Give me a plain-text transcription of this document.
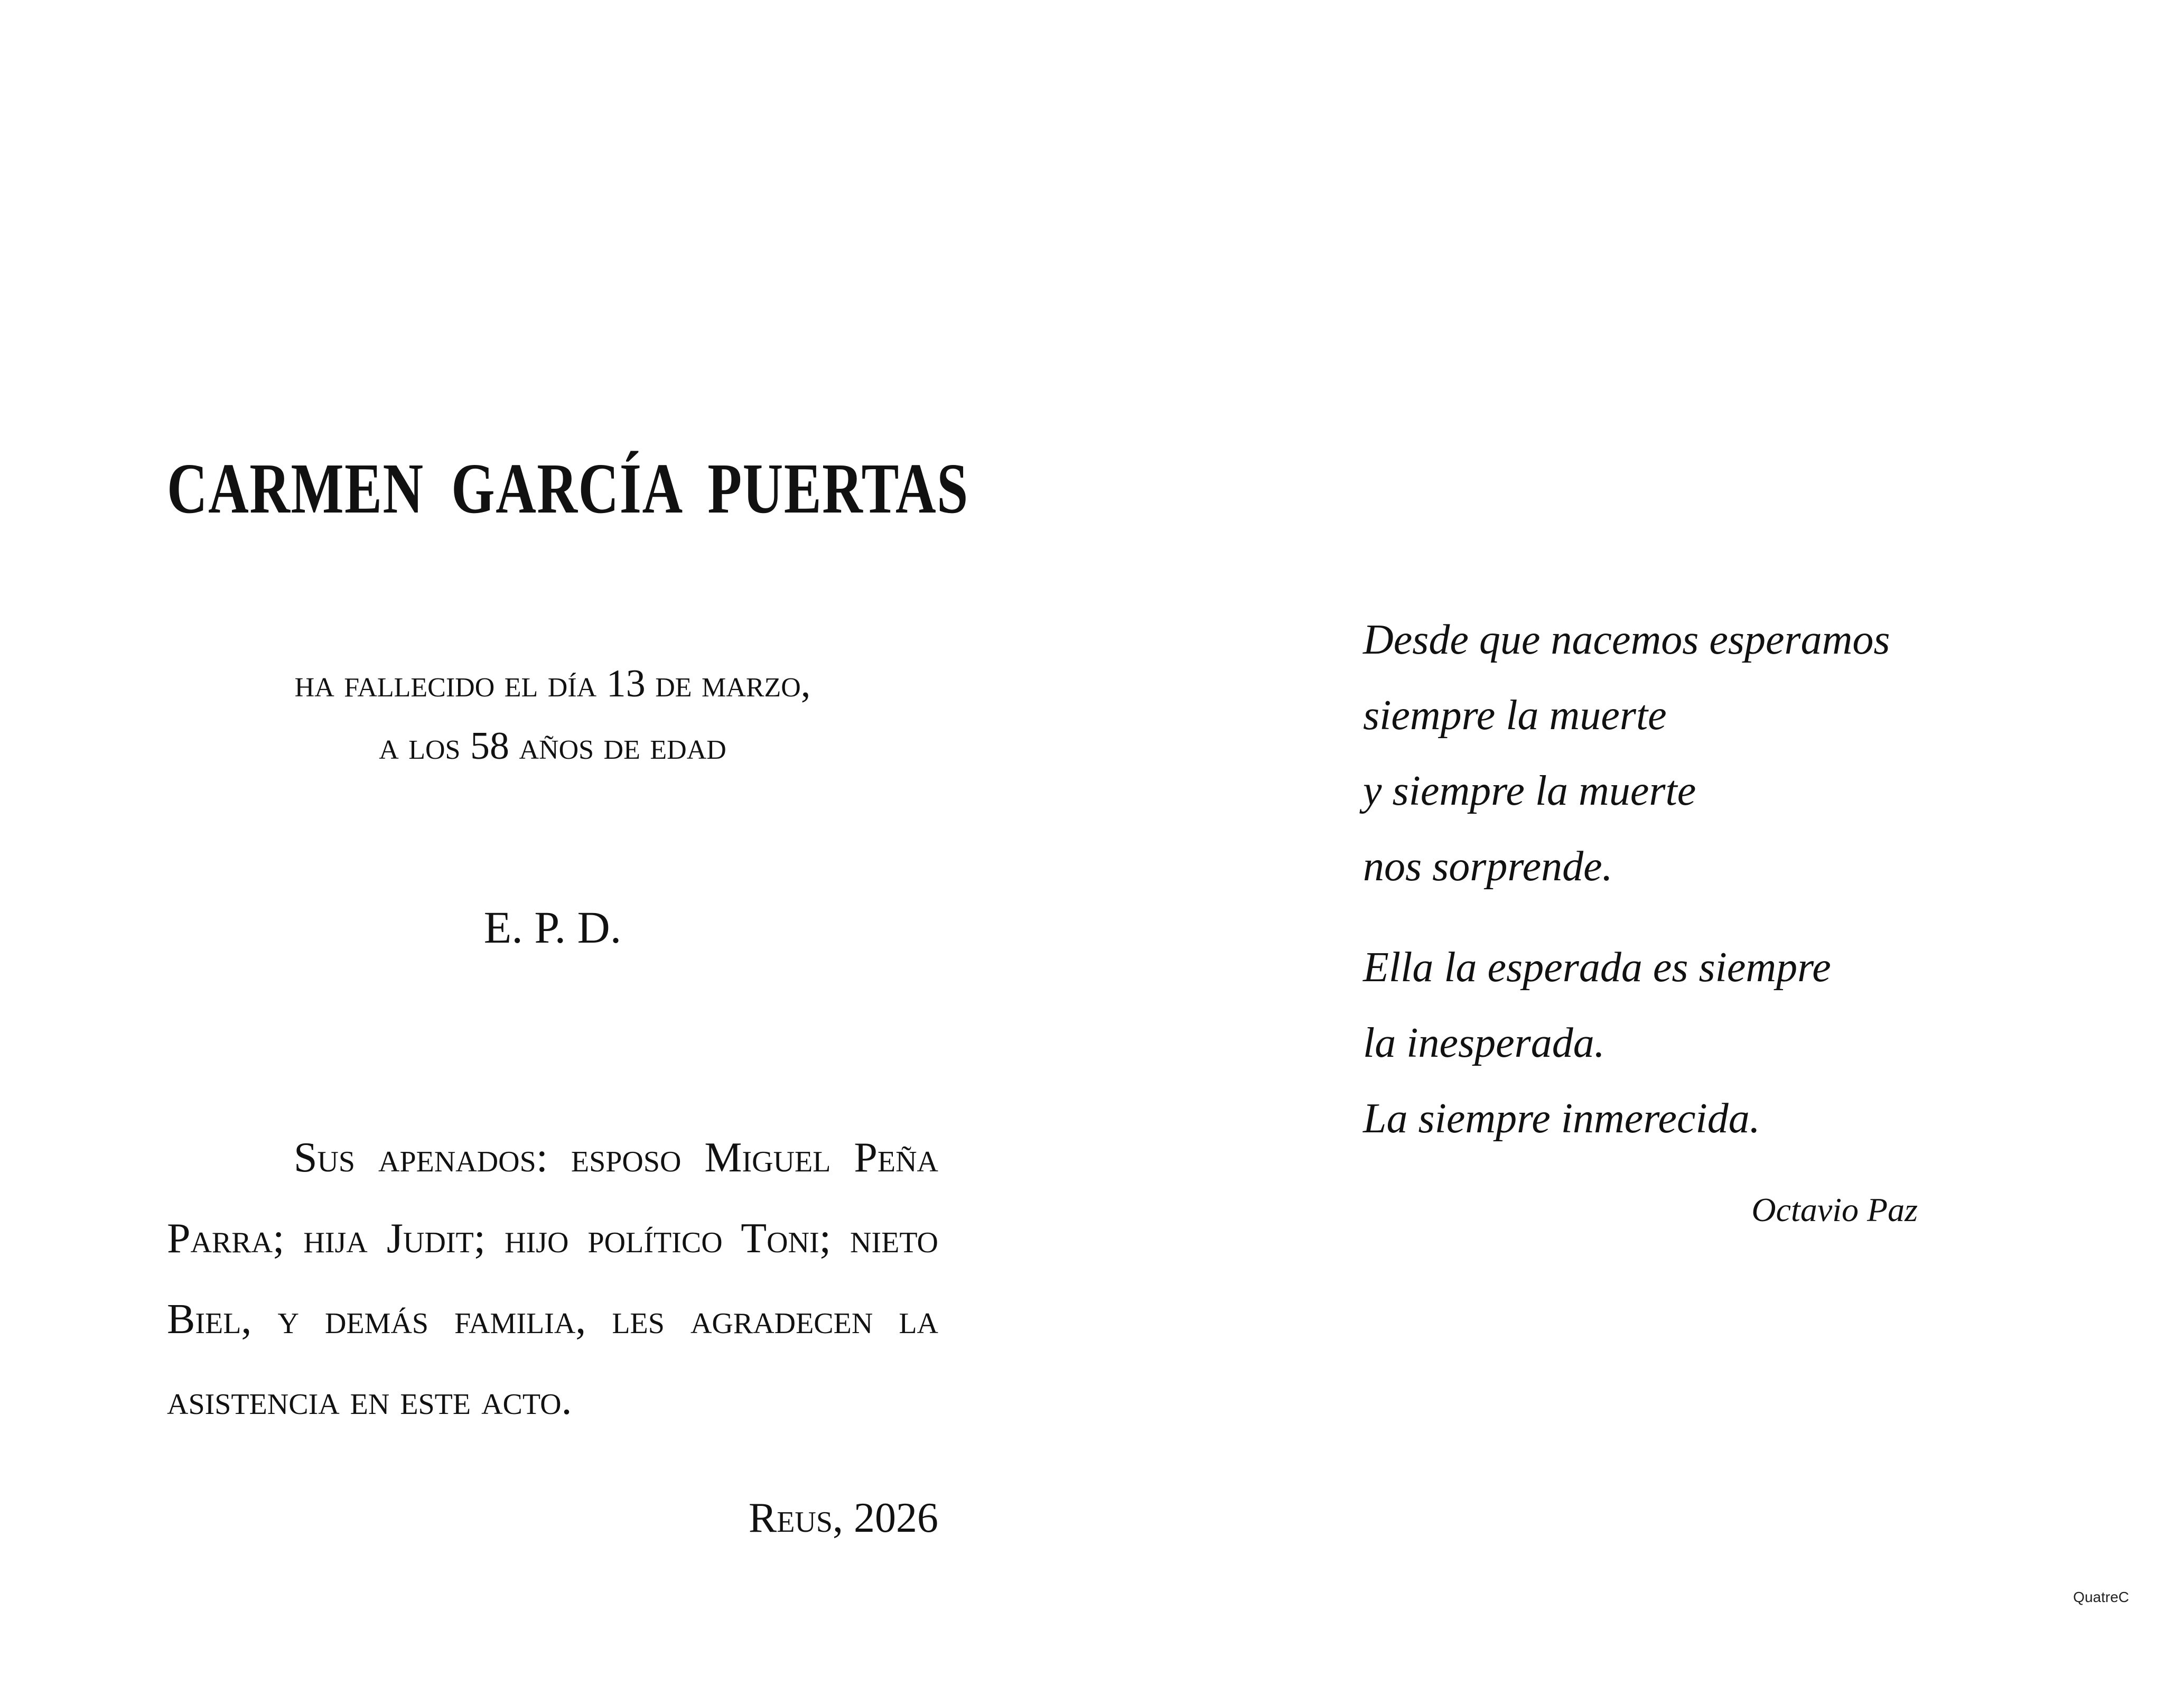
CARMEN GARCÍA PUERTAS
ha fallecido el día 13 de marzo,
a los 58 años de edad
E. P. D.

Sus apenados: esposo Miguel Peña Parra; hija Judit; hijo político Toni; nieto Biel, y demás familia, les agradecen la asistencia en este acto.

Reus, 2026
Desde que nacemos esperamos
siempre la muerte
y siempre la muerte
nos sorprende.
Ella la esperada es siempre
la inesperada.
La siempre inmerecida.
Octavio Paz
QuatreC
